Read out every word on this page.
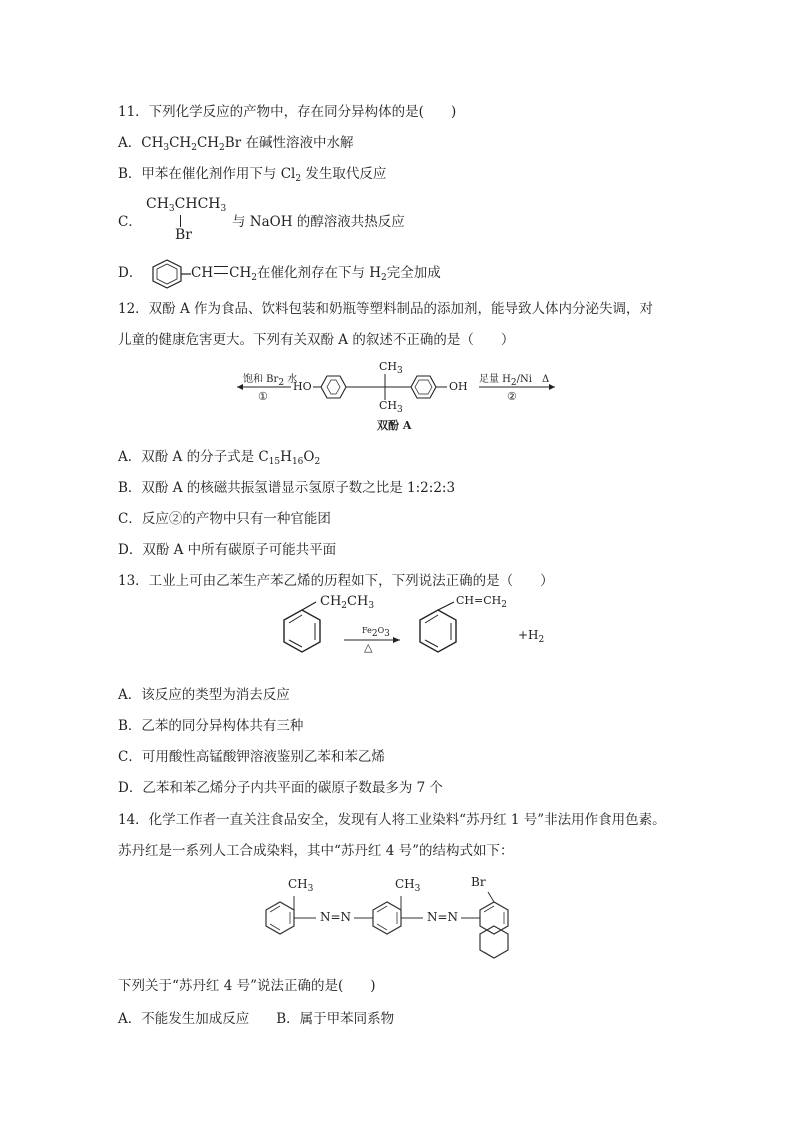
11．下列化学反应的产物中，存在同分异构体的是(　　)
A．$CH_3CH_2CH_2Br$ 在碱性溶液中水解
B．甲苯在催化剂作用下与 $Cl_2$ 发生取代反应
C．
$CH_3CHCH_3$
Br
与 NaOH 的醇溶液共热反应
D．	CH $CH_2$在催化剂存在下与 $H_2$完全加成
12．双酚 A 作为食品、饮料包装和奶瓶等塑料制品的添加剂，能导致人体内分泌失调，对
儿童的健康危害更大。下列有关双酚 A 的叙述不正确的是（　　）
饱和 $Br_2$ 水
①
HO
$CH_3$
$CH_3$
OH
足量 $H_2/Ni$　Δ
②
双酚 A
A．双酚 A 的分子式是 $C_{15}H_{16}O_2$
B．双酚 A 的核磁共振氢谱显示氢原子数之比是 1:2:2:3
C．反应②的产物中只有一种官能团
D．双酚 A 中所有碳原子可能共平面
13．工业上可由乙苯生产苯乙烯的历程如下，下列说法正确的是（　　）
$CH_2CH_3$
$Fe_2O_3$
△
$CH=CH_2$
$+H_2$
A．该反应的类型为消去反应
B．乙苯的同分异构体共有三种
C．可用酸性高锰酸钾溶液鉴别乙苯和苯乙烯
D．乙苯和苯乙烯分子内共平面的碳原子数最多为 7 个
14．化学工作者一直关注食品安全，发现有人将工业染料“苏丹红 1 号”非法用作食用色素。
苏丹红是一系列人工合成染料，其中“苏丹红 4 号”的结构式如下：
$CH_3$
N=N
$CH_3$
N=N
Br
下列关于“苏丹红 4 号”说法正确的是(　　)
A．不能发生加成反应　　B．属于甲苯同系物
